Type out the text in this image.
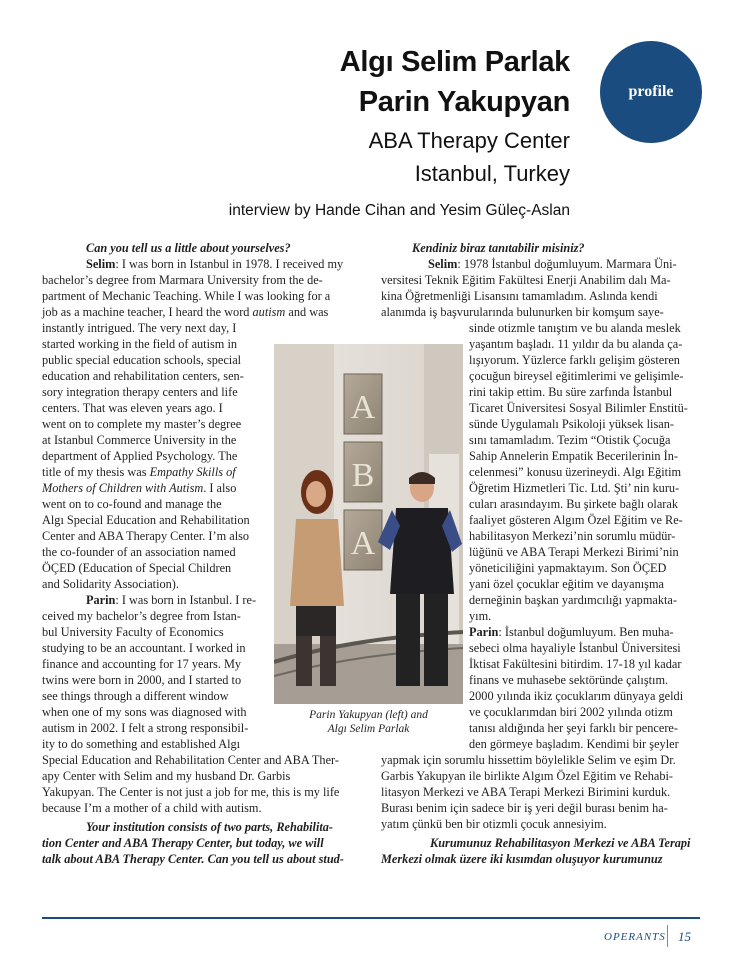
Algı Selim Parlak
Parin Yakupyan
ABA Therapy Center
Istanbul, Turkey
interview by Hande Cihan and Yesim Güleç-Aslan
profile
Can you tell us a little about yourselves?
Selim: I was born in Istanbul in 1978. I received my
bachelor’s degree from Marmara University from the de-
partment of Mechanic Teaching. While I was looking for a
job as a machine teacher, I heard the word autism and was
instantly intrigued. The very next day, I
started working in the field of autism in
public special education schools, special
education and rehabilitation centers, sen-
sory integration therapy centers and life
centers. That was eleven years ago. I
went on to complete my master’s degree
at Istanbul Commerce University in the
department of Applied Psychology. The
title of my thesis was Empathy Skills of
Mothers of Children with Autism. I also
went on to co-found and manage the
Algı Special Education and Rehabilitation
Center and ABA Therapy Center. I’m also
the co-founder of an association named
ÖÇED (Education of Special Children
and Solidarity Association).
Parin: I was born in Istanbul. I re-
ceived my bachelor’s degree from Istan-
bul University Faculty of Economics
studying to be an accountant. I worked in
finance and accounting for 17 years. My
twins were born in 2000, and I started to
see things through a different window
when one of my sons was diagnosed with
autism in 2002. I felt a strong responsibil-
ity to do something and established Algı
Special Education and Rehabilitation Center and ABA Ther-
apy Center with Selim and my husband Dr. Garbis
Yakupyan. The Center is not just a job for me, this is my life
because I’m a mother of a child with autism.
Your institution consists of two parts, Rehabilita-
tion Center and ABA Therapy Center, but today, we will
talk about ABA Therapy Center. Can you tell us about stud-
A
B
A
Parin Yakupyan (left) and
Algı Selim Parlak
Kendiniz biraz tanıtabilir misiniz?
Selim: 1978 İstanbul doğumluyum. Marmara Üni-
versitesi Teknik Eğitim Fakültesi Enerji Anabilim dalı Ma-
kina Öğretmenliği Lisansını tamamladım. Aslında kendi
alanımda iş başvurularında bulunurken bir komşum saye-
sinde otizmle tanıştım ve bu alanda meslek
yaşantım başladı. 11 yıldır da bu alanda ça-
lışıyorum. Yüzlerce farklı gelişim gösteren
çocuğun bireysel eğitimlerimi ve gelişimle-
rini takip ettim. Bu süre zarfında İstanbul
Ticaret Üniversitesi Sosyal Bilimler Enstitü-
sünde Uygulamalı Psikoloji yüksek lisan-
sını tamamladım. Tezim “Otistik Çocuğa
Sahip Annelerin Empatik Becerilerinin İn-
celenmesi” konusu üzerineydi. Algı Eğitim
Öğretim Hizmetleri Tic. Ltd. Şti’ nin kuru-
cuları arasındayım. Bu şirkete bağlı olarak
faaliyet gösteren Algım Özel Eğitim ve Re-
habilitasyon Merkezi’nin sorumlu müdür-
lüğünü ve ABA Terapi Merkezi Birimi’nin
yöneticiliğini yapmaktayım. Son ÖÇED
yani özel çocuklar eğitim ve dayanışma
derneğinin başkan yardımcılığı yapmakta-
yım.
Parin: İstanbul doğumluyum. Ben muha-
sebeci olma hayaliyle İstanbul Üniversitesi
İktisat Fakültesini bitirdim. 17-18 yıl kadar
finans ve muhasebe sektöründe çalıştım.
2000 yılında ikiz çocuklarım dünyaya geldi
ve çocuklarımdan biri 2002 yılında otizm
tanısı aldığında her şeyi farklı bir pencere-
den görmeye başladım. Kendimi bir şeyler
yapmak için sorumlu hissettim böylelikle Selim ve eşim Dr.
Garbis Yakupyan ile birlikte Algım Özel Eğitim ve Rehabi-
litasyon Merkezi ve ABA Terapi Merkezi Birimini kurduk.
Burası benim için sadece bir iş yeri değil burası benim ha-
yatım çünkü ben bir otizmli çocuk annesiyim.
Kurumunuz Rehabilitasyon Merkezi ve ABA Terapi
Merkezi olmak üzere iki kısımdan oluşuyor kurumunuz
OPERANTS 15
